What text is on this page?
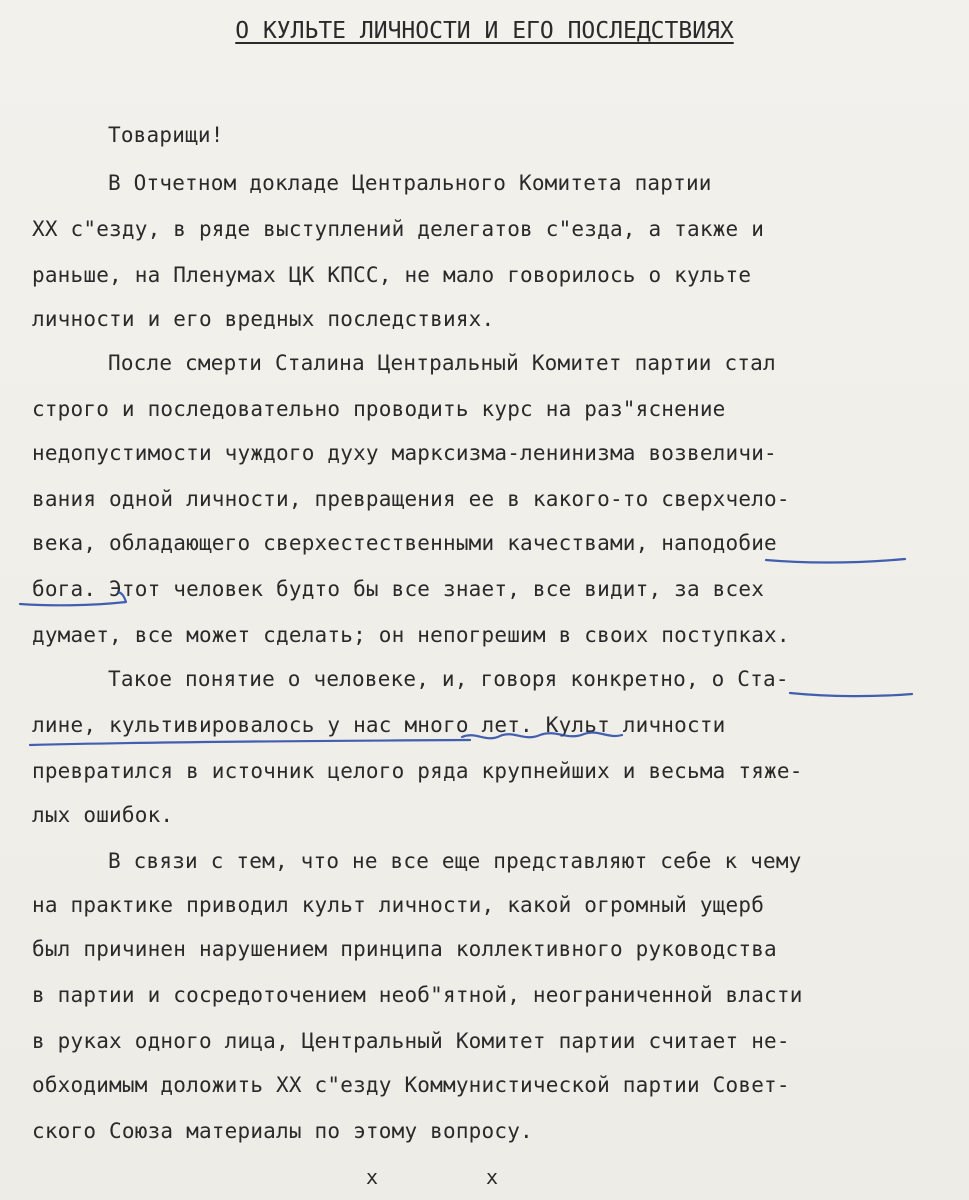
О КУЛЬТЕ ЛИЧНОСТИ И ЕГО ПОСЛЕДСТВИЯХ
Товарищи!
В Отчетном докладе Центрального Комитета партии
XX с"езду, в ряде выступлений делегатов с"езда, а также и
раньше, на Пленумах ЦК КПСС, не мало говорилось о культе
личности и его вредных последствиях.
После смерти Сталина Центральный Комитет партии стал
строго и последовательно проводить курс на раз"яснение
недопустимости чуждого духу марксизма-ленинизма возвеличи-
вания одной личности, превращения ее в какого-то сверхчело-
века, обладающего сверхестественными качествами, наподобие
бога. Этот человек будто бы все знает, все видит, за всех
думает, все может сделать; он непогрешим в своих поступках.
Такое понятие о человеке, и, говоря конкретно, о Ста-
лине, культивировалось у нас много лет. Культ личности
превратился в источник целого ряда крупнейших и весьма тяже-
лых ошибок.
В связи с тем, что не все еще представляют себе к чему
на практике приводил культ личности, какой огромный ущерб
был причинен нарушением принципа коллективного руководства
в партии и сосредоточением необ"ятной, неограниченной власти
в руках одного лица, Центральный Комитет партии считает не-
обходимым доложить XX с"езду Коммунистической партии Совет-
ского Союза материалы по этому вопросу.
x	x
